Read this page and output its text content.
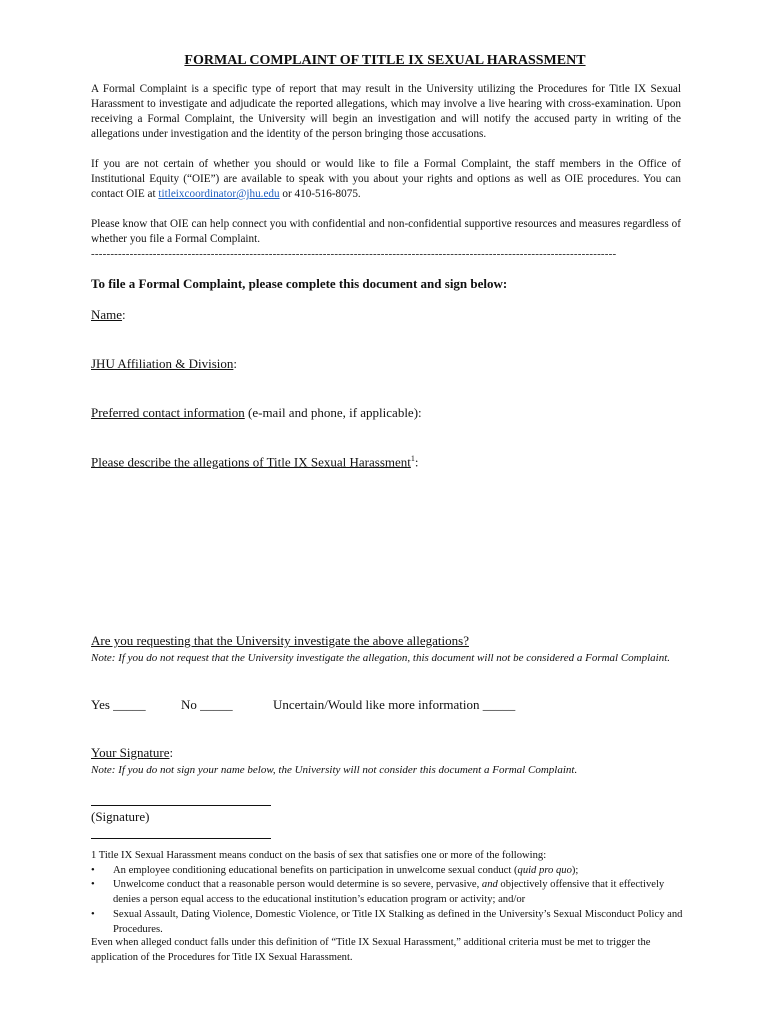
FORMAL COMPLAINT OF TITLE IX SEXUAL HARASSMENT
A Formal Complaint is a specific type of report that may result in the University utilizing the Procedures for Title IX Sexual Harassment to investigate and adjudicate the reported allegations, which may involve a live hearing with cross-examination. Upon receiving a Formal Complaint, the University will begin an investigation and will notify the accused party in writing of the allegations under investigation and the identity of the person bringing those accusations.
If you are not certain of whether you should or would like to file a Formal Complaint, the staff members in the Office of Institutional Equity (“OIE”) are available to speak with you about your rights and options as well as OIE procedures. You can contact OIE at titleixcoordinator@jhu.edu or 410-516-8075.
Please know that OIE can help connect you with confidential and non-confidential supportive resources and measures regardless of whether you file a Formal Complaint.
----------------------------------------------------------------------------------------------------------------------------------------
To file a Formal Complaint, please complete this document and sign below:
Name:
JHU Affiliation & Division:
Preferred contact information (e-mail and phone, if applicable):
Please describe the allegations of Title IX Sexual Harassment$^1$:
Are you requesting that the University investigate the above allegations?
Note: If you do not request that the University investigate the allegation, this document will not be considered a Formal Complaint.
Yes _____	No _____	Uncertain/Would like more information _____
Your Signature:
Note: If you do not sign your name below, the University will not consider this document a Formal Complaint.
(Signature)
1 Title IX Sexual Harassment means conduct on the basis of sex that satisfies one or more of the following:
• An employee conditioning educational benefits on participation in unwelcome sexual conduct (quid pro quo);
• Unwelcome conduct that a reasonable person would determine is so severe, pervasive, and objectively offensive that it effectively denies a person equal access to the educational institution’s education program or activity; and/or
• Sexual Assault, Dating Violence, Domestic Violence, or Title IX Stalking as defined in the University’s Sexual Misconduct Policy and Procedures.
Even when alleged conduct falls under this definition of “Title IX Sexual Harassment,” additional criteria must be met to trigger the application of the Procedures for Title IX Sexual Harassment.
